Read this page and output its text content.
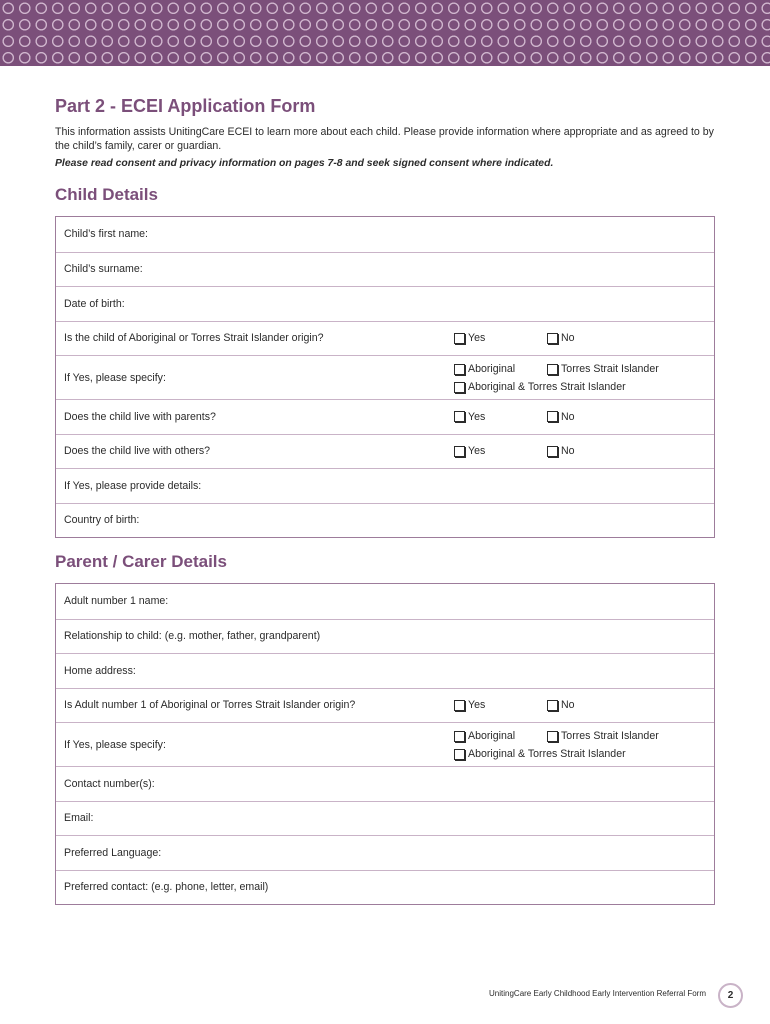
Part 2 - ECEI Application Form

This information assists UnitingCare ECEI to learn more about each child. Please provide information where appropriate and as agreed to by the child’s family, carer or guardian.

Please read consent and privacy information on pages 7-8 and seek signed consent where indicated.

Child Details
Child’s first name:
Child’s surname:
Date of birth:
Is the child of Aboriginal or Torres Strait Islander origin?	Yes	No
If Yes, please specify:
Aboriginal	Torres Strait Islander
Aboriginal & Torres Strait Islander
Does the child live with parents?	Yes	No
Does the child live with others?	Yes	No
If Yes, please provide details:
Country of birth:
Parent / Carer Details
Adult number 1 name:
Relationship to child: (e.g. mother, father, grandparent)
Home address:
Is Adult number 1 of Aboriginal or Torres Strait Islander origin?	Yes	No
If Yes, please specify:
Aboriginal	Torres Strait Islander
Aboriginal & Torres Strait Islander
Contact number(s):
Email:
Preferred Language:
Preferred contact: (e.g. phone, letter, email)
UnitingCare Early Childhood Early Intervention Referral Form	2
